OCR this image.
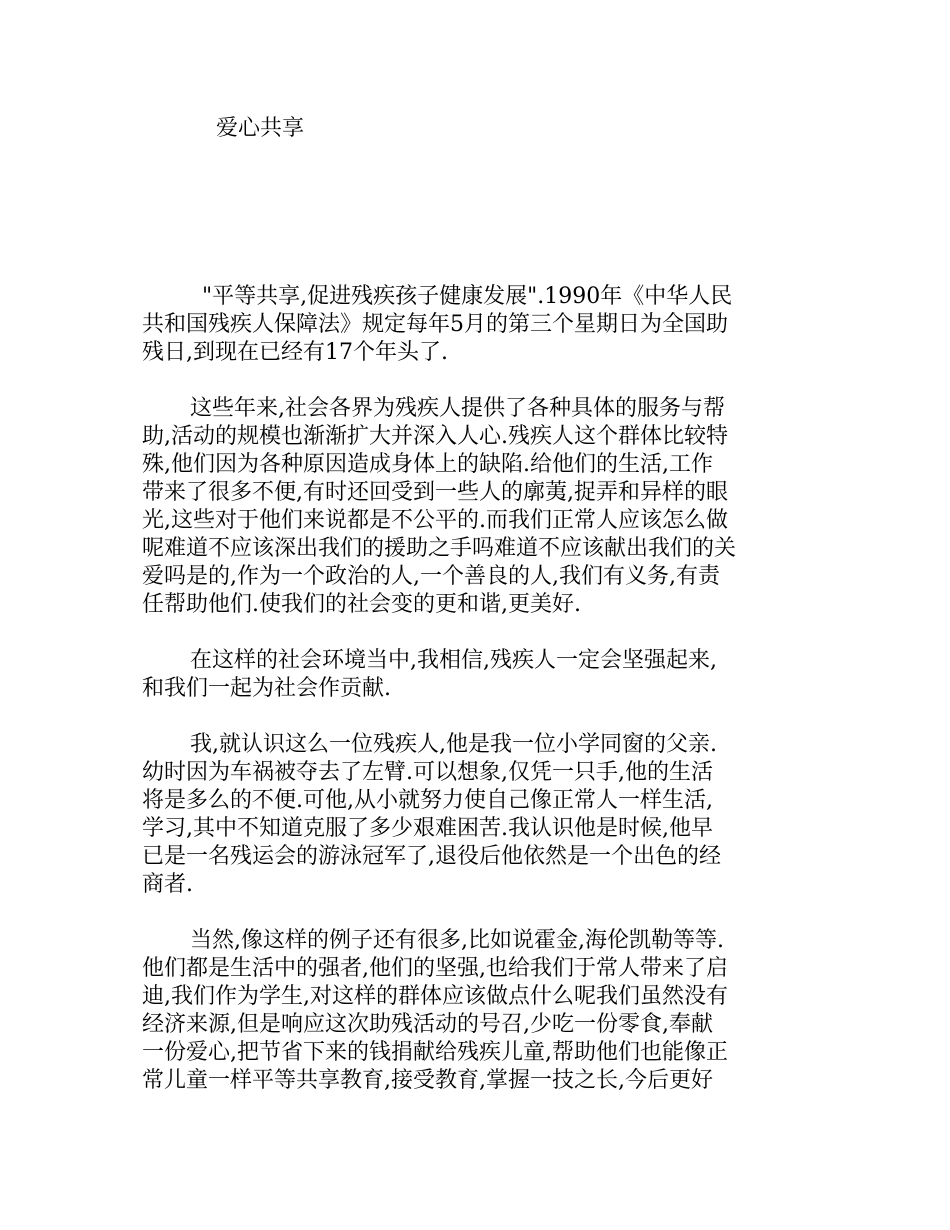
爱心共享

"平等共享,促进残疾孩子健康发展".1990年《中华人民
共和国残疾人保障法》规定每年5月的第三个星期日为全国助
残日,到现在已经有17个年头了.

这些年来,社会各界为残疾人提供了各种具体的服务与帮
助,活动的规模也渐渐扩大并深入人心.残疾人这个群体比较特
殊,他们因为各种原因造成身体上的缺陷.给他们的生活,工作
带来了很多不便,有时还回受到一些人的廓荑,捉弄和异样的眼
光,这些对于他们来说都是不公平的.而我们正常人应该怎么做
呢难道不应该深出我们的援助之手吗难道不应该献出我们的关
爱吗是的,作为一个政治的人,一个善良的人,我们有义务,有责
任帮助他们.使我们的社会变的更和谐,更美好.

在这样的社会环境当中,我相信,残疾人一定会坚强起来,
和我们一起为社会作贡献.

我,就认识这么一位残疾人,他是我一位小学同窗的父亲.
幼时因为车祸被夺去了左臂.可以想象,仅凭一只手,他的生活
将是多么的不便.可他,从小就努力使自己像正常人一样生活,
学习,其中不知道克服了多少艰难困苦.我认识他是时候,他早
已是一名残运会的游泳冠军了,退役后他依然是一个出色的经
商者.

当然,像这样的例子还有很多,比如说霍金,海伦凯勒等等.
他们都是生活中的强者,他们的坚强,也给我们于常人带来了启
迪,我们作为学生,对这样的群体应该做点什么呢我们虽然没有
经济来源,但是响应这次助残活动的号召,少吃一份零食,奉献
一份爱心,把节省下来的钱捐献给残疾儿童,帮助他们也能像正
常儿童一样平等共享教育,接受教育,掌握一技之长,今后更好
